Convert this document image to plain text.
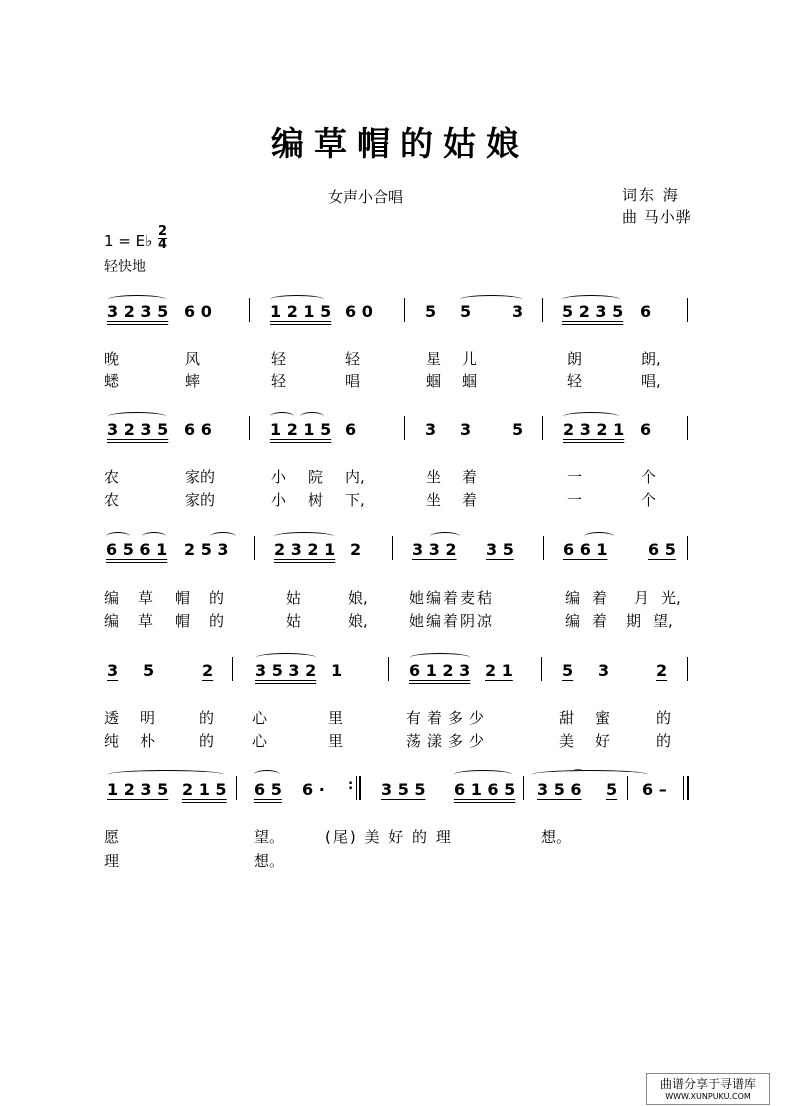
编草帽的姑娘
女声小合唱	词东 海
曲 马小骅
1 = E♭
2
4
轻快地
3 2 3 5 6 0	1 2 1 5 6 0	5 5	3 5 2 3 5 6
晚	风	轻	轻	星 儿	朗	朗,
蟋	蟀	轻	唱	蝈 蝈	轻	唱,
3 2 3 5 6 6	1 2 1 5 6	3 3	5 2 3 2 1 6
农	家的	小 院 内,	坐 着	一	个
农	家的	小 树 下,	坐 着	一	个
6 5 6 1 2 5 3	2 3 2 1 2	3 3 2 3 5	6 6 1	6 5
编 草 帽 的	姑	娘,	她编着麦秸	编 着 月 光,
编 草 帽 的	姑	娘,	她编着阴凉	编 着 期 望,
3 5	2	3 5 3 2 1	6 1 2 3 2 1	5 3	2
透 明	的	心	里	有着多少	甜 蜜	的
纯 朴	的	心	里	荡漾多少	美 好	的
1 2 3 5 2 1 5 6 5 6 · : 3 5 5 6 1 6 5 3 5 6
⌒
5 6 –
愿	望。	(尾) 美 好 的 理	想。
理	想。
曲谱分享于寻谱库
WWW.XUNPUKU.COM
